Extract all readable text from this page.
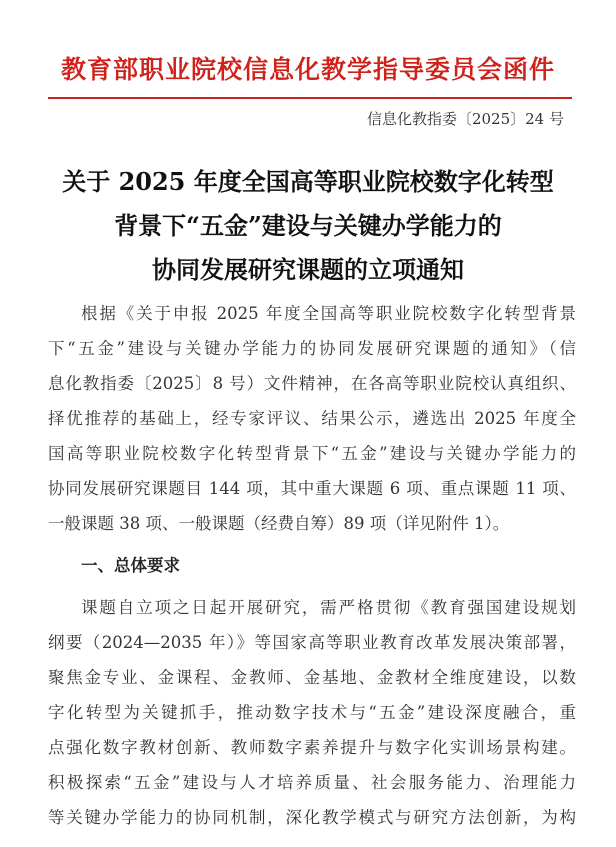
教育部职业院校信息化教学指导委员会函件
信息化教指委〔2025〕24 号
关于 2025 年度全国高等职业院校数字化转型
背景下“五金”建设与关键办学能力的
协同发展研究课题的立项通知
根据《关于申报 2025 年度全国高等职业院校数字化转型背景
下“五金”建设与关键办学能力的协同发展研究课题的通知》（信
息化教指委〔2025〕8 号）文件精神，在各高等职业院校认真组织、
择优推荐的基础上，经专家评议、结果公示，遴选出 2025 年度全
国高等职业院校数字化转型背景下“五金”建设与关键办学能力的
协同发展研究课题目 144 项，其中重大课题 6 项、重点课题 11 项、
一般课题 38 项、一般课题（经费自筹）89 项（详见附件 1）。
一、总体要求
课题自立项之日起开展研究，需严格贯彻《教育强国建设规划
纲要（2024—2035 年）》等国家高等职业教育改革发展决策部署，
聚焦金专业、金课程、金教师、金基地、金教材全维度建设，以数
字化转型为关键抓手，推动数字技术与“五金”建设深度融合，重
点强化数字教材创新、教师数字素养提升与数字化实训场景构建。
积极探索“五金”建设与人才培养质量、社会服务能力、治理能力
等关键办学能力的协同机制，深化教学模式与研究方法创新，为构
